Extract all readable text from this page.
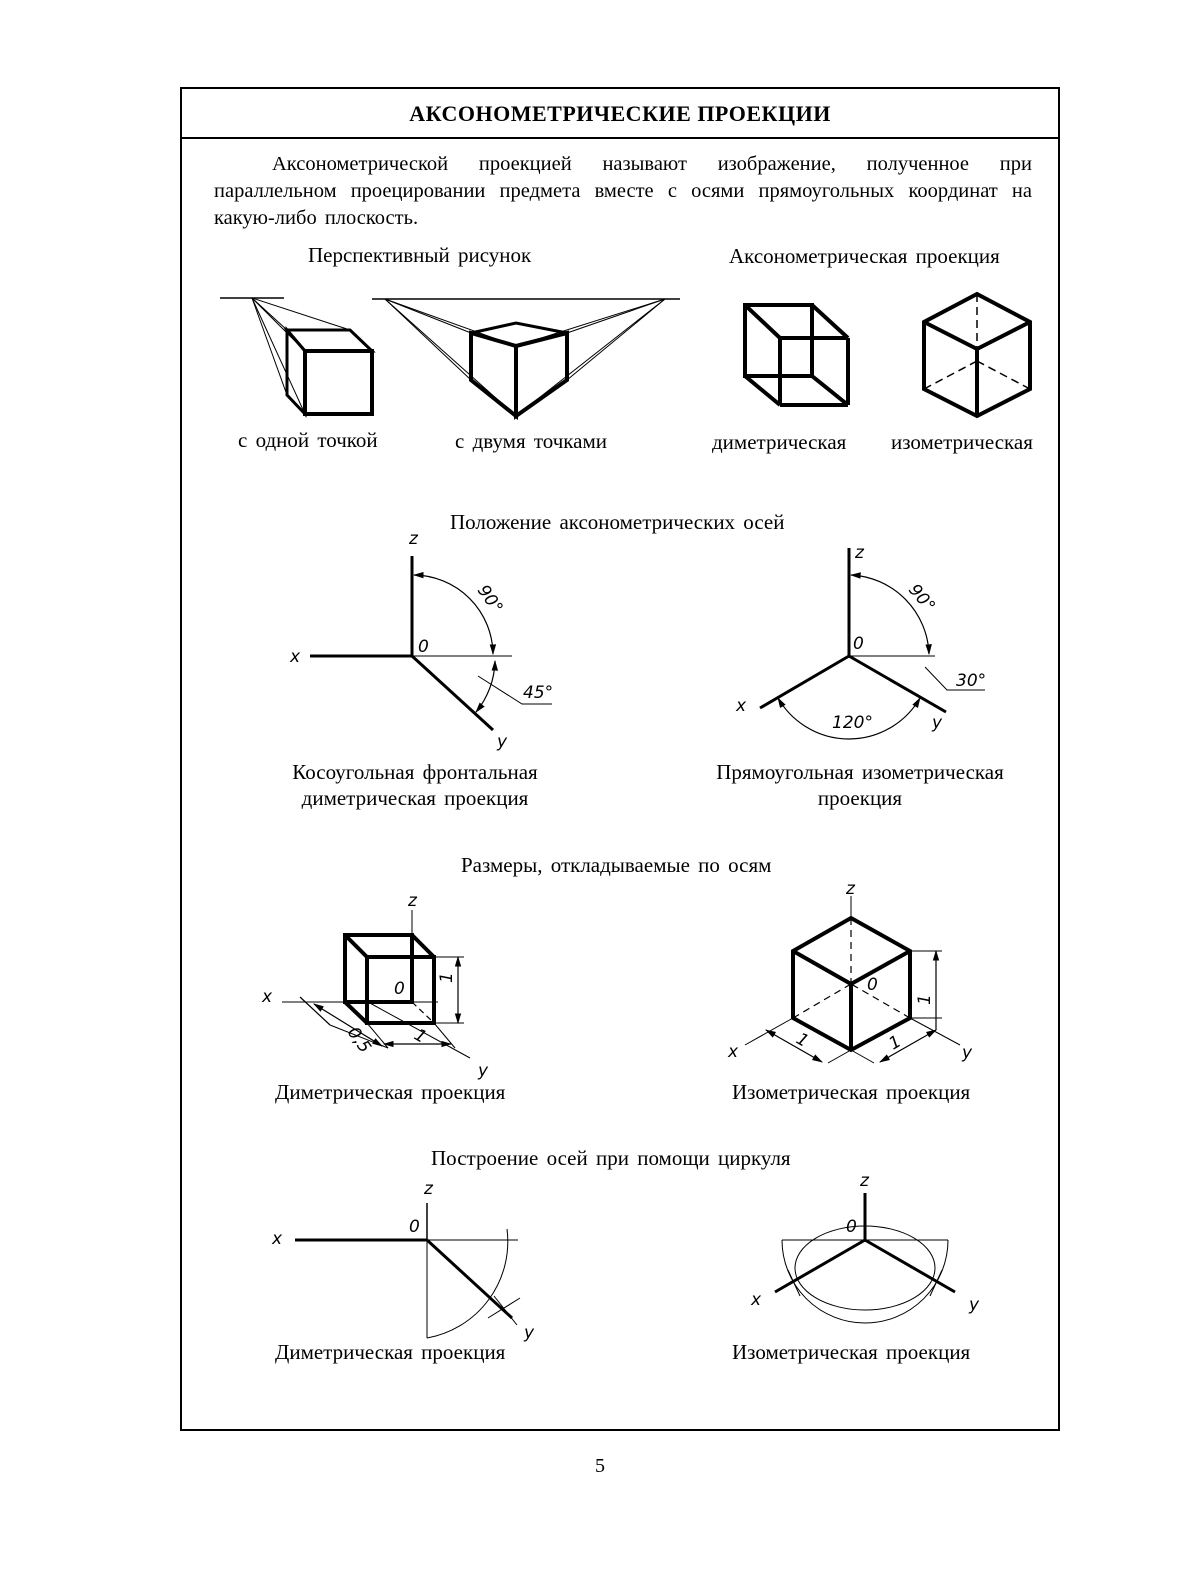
АКСОНОМЕТРИЧЕСКИЕ ПРОЕКЦИИ
Аксонометрической проекцией называют изображение, полученное при параллельном проецировании предмета вместе с осями прямоугольных координат на какую-либо плоскость.
Перспективный рисунок	Аксонометрическая проекция
Положение аксонометрических осей
Размеры, откладываемые по осям
Построение осей при помощи циркуля
с одной точкой	с двумя точками	диметрическая изометрическая
Косоугольная фронтальная
диметрическая проекция
Прямоугольная изометрическая
проекция
Диметрическая проекция	Изометрическая проекция
Диметрическая проекция	Изометрическая проекция
z
x
y
0
90°
45°
z
x
y
0
90°
30°
120°
z
x
y
0
1
1
0,5
z
x	y
0
1
1	1
z
x
y
0
z
x	y
0
5
